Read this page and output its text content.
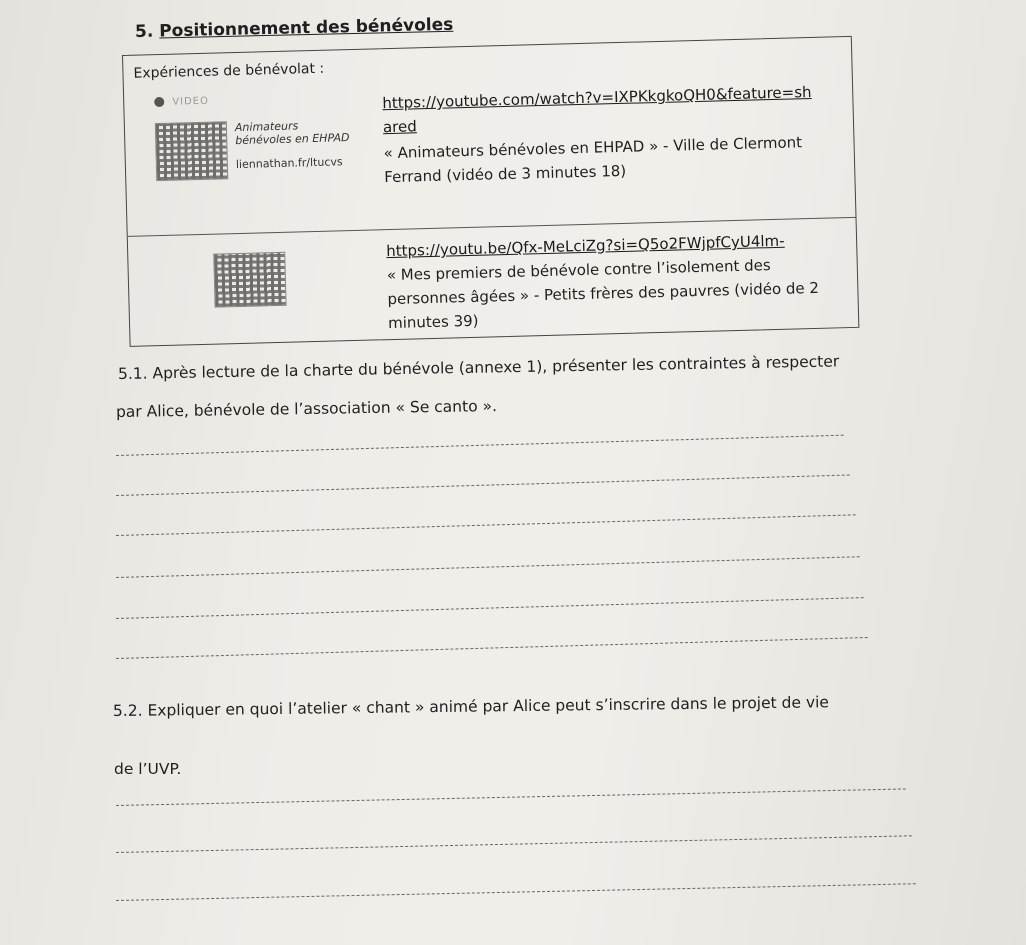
5. Positionnement des bénévoles
Expériences de bénévolat :
VIDEO
Animateurs
bénévoles en EHPAD
liennathan.fr/ltucvs
https://youtube.com/watch?v=IXPKkgkoQH0&feature=sh
ared
« Animateurs bénévoles en EHPAD » - Ville de Clermont
Ferrand (vidéo de 3 minutes 18)
https://youtu.be/Qfx-MeLciZg?si=Q5o2FWjpfCyU4lm-
« Mes premiers de bénévole contre l’isolement des
personnes âgées » - Petits frères des pauvres (vidéo de 2
minutes 39)
5.1. Après lecture de la charte du bénévole (annexe 1), présenter les contraintes à respecter
par Alice, bénévole de l’association « Se canto ».
5.2. Expliquer en quoi l’atelier « chant » animé par Alice peut s’inscrire dans le projet de vie
de l’UVP.
